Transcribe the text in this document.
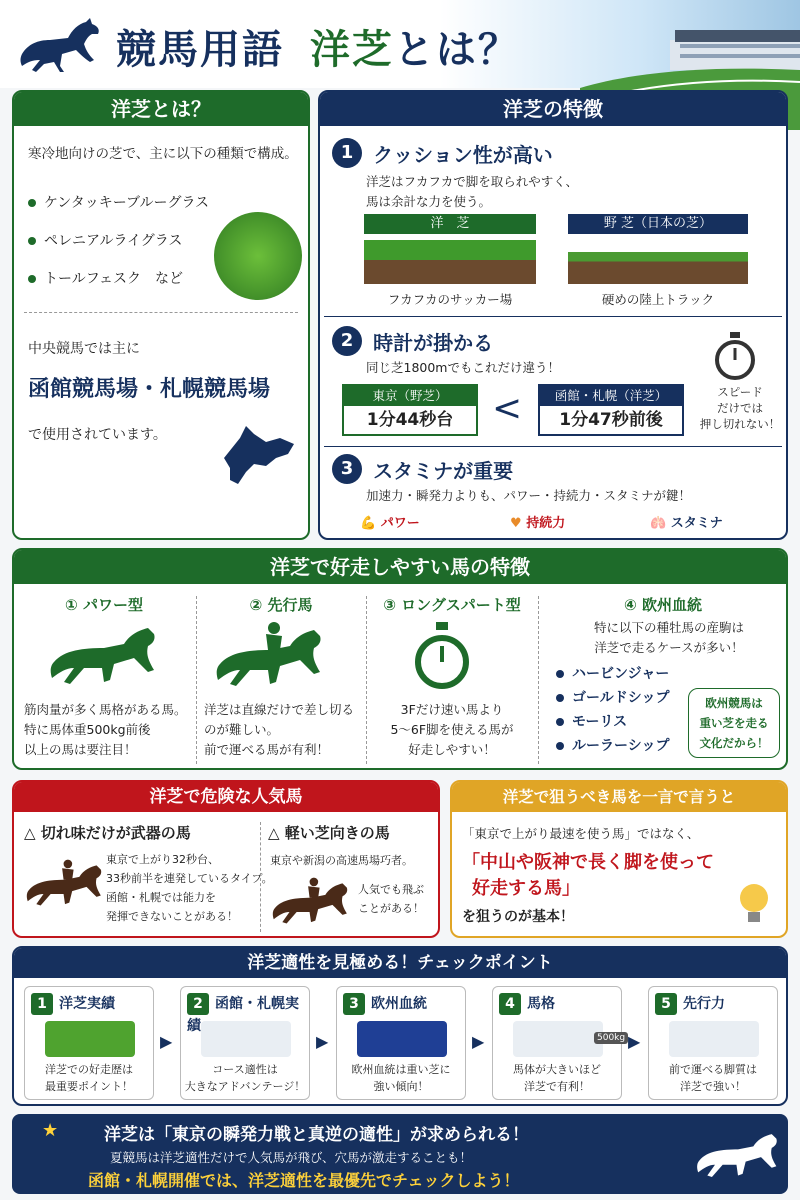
競馬用語 洋芝とは？
洋芝とは？
寒冷地向けの芝で、主に以下の種類で構成。
ケンタッキーブルーグラス
ペレニアルライグラス
トールフェスク　など
中央競馬では主に
函館競馬場・札幌競馬場
で使用されています。
洋芝の特徴
1 クッション性が高い
洋芝はフカフカで脚を取られやすく、
馬は余計な力を使う。
洋　芝
フカフカのサッカー場
野 芝（日本の芝）
硬めの陸上トラック
2 時計が掛かる
同じ芝1800mでもこれだけ違う！
東京（野芝）
1分44秒台	<	函館・札幌（洋芝）
1分47秒前後
スピード
だけでは
押し切れない！
3 スタミナが重要
加速力・瞬発力よりも、パワー・持続力・スタミナが鍵！
💪 パワー	♥ 持続力	🫁 スタミナ
洋芝で好走しやすい馬の特徴
① パワー型
筋肉量が多く馬格がある馬。
特に馬体重500kg前後
以上の馬は要注目！
② 先行馬
洋芝は直線だけで差し切る
のが難しい。
前で運べる馬が有利！
③ ロングスパート型
3Fだけ速い馬より
5〜6F脚を使える馬が
好走しやすい！
④ 欧州血統
特に以下の種牡馬の産駒は
洋芝で走るケースが多い！
ハービンジャー
ゴールドシップ
モーリス
ルーラーシップ
欧州競馬は
重い芝を走る
文化だから！
洋芝で危険な人気馬
△ 切れ味だけが武器の馬
東京で上がり32秒台、
33秒前半を連発しているタイプ。
函館・札幌では能力を
発揮できないことがある！
△ 軽い芝向きの馬
東京や新潟の高速馬場巧者。
人気でも飛ぶ
ことがある！
洋芝で狙うべき馬を一言で言うと
「東京で上がり最速を使う馬」ではなく、
「中山や阪神で長く脚を使って
好走する馬」
を狙うのが基本！
洋芝適性を見極める！チェックポイント
1 洋芝実績
洋芝での好走歴は
最重要ポイント！
▶
2 函館・札幌実績
コース適性は
大きなアドバンテージ！
▶
3 欧州血統
欧州血統は重い芝に
強い傾向！
▶
4 馬格
馬体が大きいほど
洋芝で有利！
▶
5 先行力
前で運べる脚質は
洋芝で強い！
500kg
★	洋芝は「東京の瞬発力戦と真逆の適性」が求められる！
夏競馬は洋芝適性だけで人気馬が飛び、穴馬が激走することも！
函館・札幌開催では、洋芝適性を最優先でチェックしよう！
